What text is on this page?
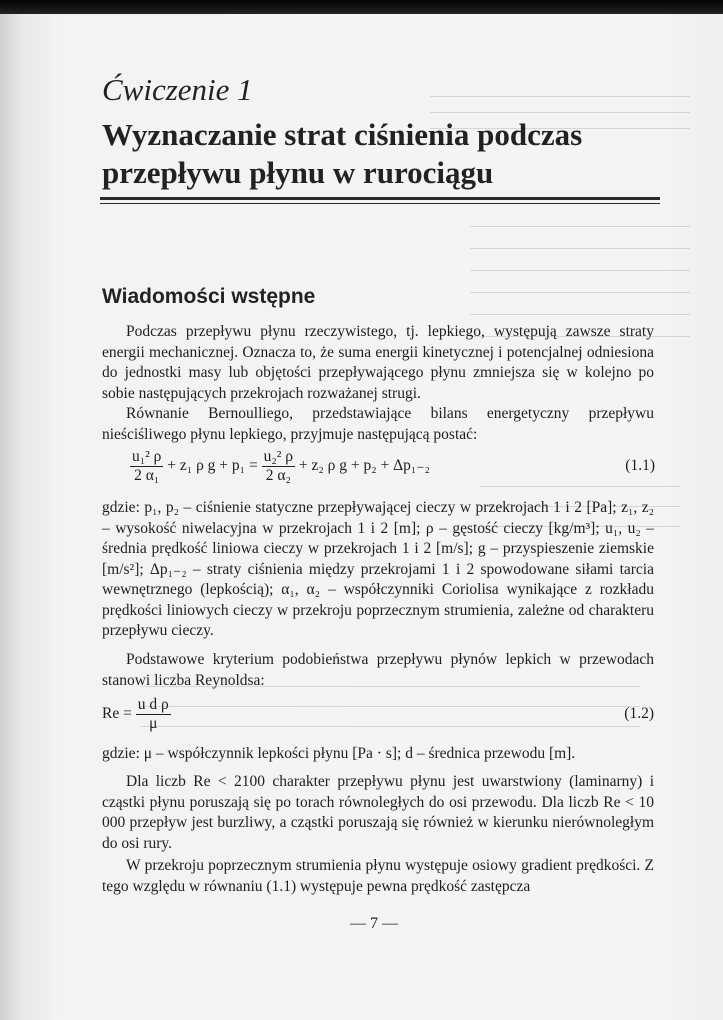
Ćwiczenie 1
Wyznaczanie strat ciśnienia podczas
przepływu płynu w rurociągu
Wiadomości wstępne
Podczas przepływu płynu rzeczywistego, tj. lepkiego, występują zawsze straty energii mechanicznej. Oznacza to, że suma energii kinetycznej i potencjalnej odniesiona do jednostki masy lub objętości przepływającego płynu zmniejsza się w kolejno po sobie następujących przekrojach rozważanej strugi.
Równanie Bernoulliego, przedstawiające bilans energetyczny przepływu nieściśliwego płynu lepkiego, przyjmuje następującą postać:
$\frac{\text{u₁² ρ}}{\text{2 α₁}} + z_1$ ρ $g + p_1 = \frac{\text{u₂² ρ}}{\text{2 α₂}} + z_2$ ρ g + p₂ + Δp₁₋₂	(1.1)
gdzie: p₁, p₂ – ciśnienie statyczne przepływającej cieczy w przekrojach 1 i 2 [Pa]; z₁, z₂ – wysokość niwelacyjna w przekrojach 1 i 2 [m]; ρ – gęstość cieczy [kg/m³]; u₁, u₂ – średnia prędkość liniowa cieczy w przekrojach 1 i 2 [m/s]; g – przyspieszenie ziemskie [m/s²]; Δp₁₋₂ – straty ciśnienia między przekrojami 1 i 2 spowodowane siłami tarcia wewnętrznego (lepkością); α₁, α₂ – współczynniki Coriolisa wynikające z rozkładu prędkości liniowych cieczy w przekroju poprzecznym strumienia, zależne od charakteru przepływu cieczy.
Podstawowe kryterium podobieństwa przepływu płynów lepkich w przewodach stanowi liczba Reynoldsa:
$Re = \frac{\text{u d ρ}}{\mu}$	(1.2)
gdzie: μ – współczynnik lepkości płynu [Pa · s]; d – średnica przewodu [m].
Dla liczb Re < 2100 charakter przepływu płynu jest uwarstwiony (laminarny) i cząstki płynu poruszają się po torach równoległych do osi przewodu. Dla liczb Re < 10 000 przepływ jest burzliwy, a cząstki poruszają się również w kierunku nierównoległym do osi rury.
W przekroju poprzecznym strumienia płynu występuje osiowy gradient prędkości. Z tego względu w równaniu (1.1) występuje pewna prędkość zastępcza
— 7 —
